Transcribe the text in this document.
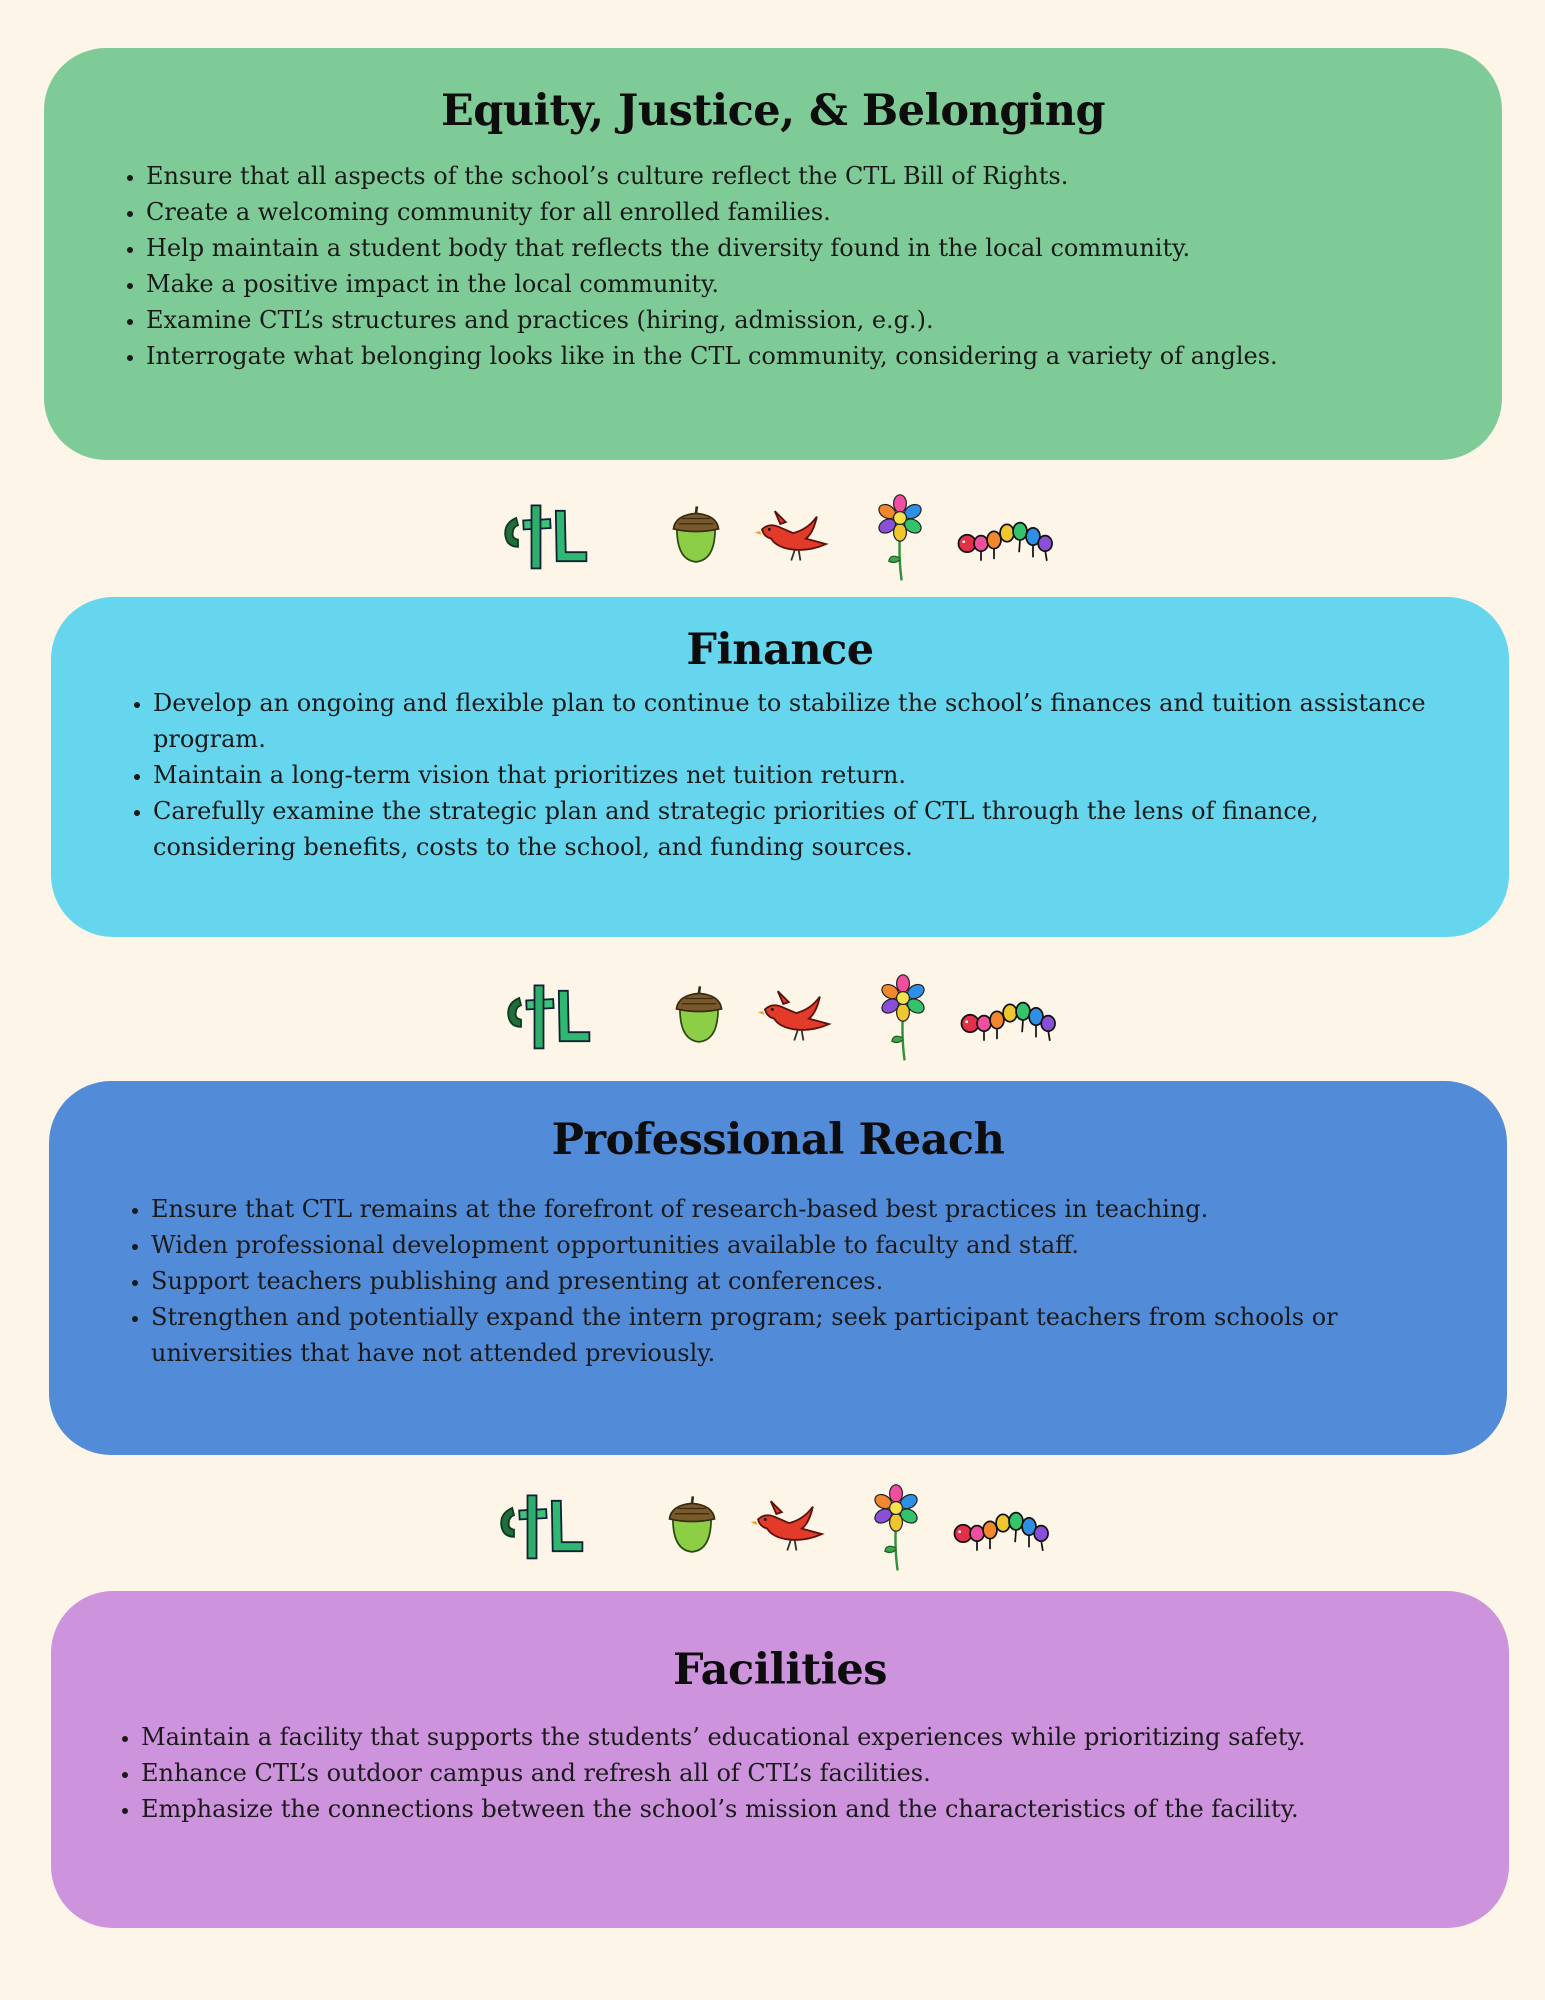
Equity, Justice, & Belonging
• Ensure that all aspects of the school’s culture reflect the CTL Bill of Rights.
• Create a welcoming community for all enrolled families.
• Help maintain a student body that reflects the diversity found in the local community.
• Make a positive impact in the local community.
• Examine CTL’s structures and practices (hiring, admission, e.g.).
• Interrogate what belonging looks like in the CTL community, considering a variety of angles.
Finance
• Develop an ongoing and flexible plan to continue to stabilize the school’s finances and tuition assistance program.
• Maintain a long-term vision that prioritizes net tuition return.
• Carefully examine the strategic plan and strategic priorities of CTL through the lens of finance, considering benefits, costs to the school, and funding sources.
Professional Reach
• Ensure that CTL remains at the forefront of research-based best practices in teaching.
• Widen professional development opportunities available to faculty and staff.
• Support teachers publishing and presenting at conferences.
• Strengthen and potentially expand the intern program; seek participant teachers from schools or universities that have not attended previously.
Facilities
• Maintain a facility that supports the students’ educational experiences while prioritizing safety.
• Enhance CTL’s outdoor campus and refresh all of CTL’s facilities.
• Emphasize the connections between the school’s mission and the characteristics of the facility.
